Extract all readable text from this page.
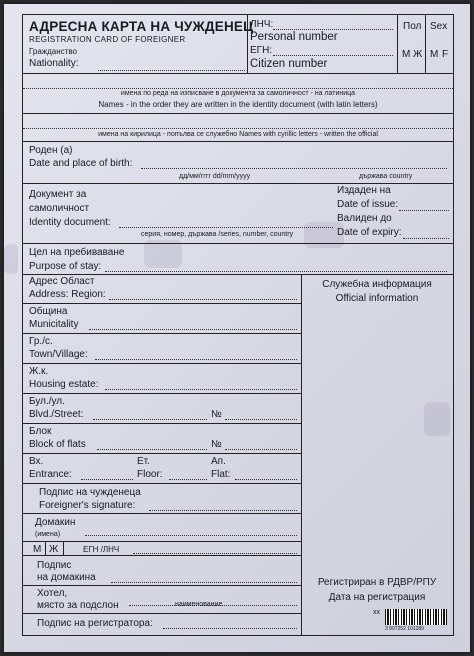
АДРЕСНА КАРТА НА ЧУЖДЕНЕЦ
REGISTRATION CARD OF FOREIGNER
Гражданство
Nationality:
ЛНЧ:
Personal number
ЕГН:
Citizen number
Пол Sex
М Ж M F
имена по реда на изписване в документа за самоличност - на латиница
Names - in the order they are written in the identity document (with latin letters)
имена на кирилица - попълва се служебно Names with cyrillic letters - written the official
Роден (а)
Date and place of birth:
дд/мм/гггг dd/mm/yyyy	държава country
Документ за
самоличност
Identity document:
серия, номер, държава /series, number, country
Издаден на
Date of issue:
Валиден до
Date of expiry:
Цел на пребиваване
Purpose of stay:
Адрес Област
Address: Region:
Община
Municitality
Гр./с.
Town/Village:
Ж.к.
Housing estate:
Бул./ул.
Blvd./Street:	№
Блок
Block of flats	№
Вх.
Entrance:
Ет.
Floor:
Ап.
Flat:
Подпис на чужденеца
Foreigner's signature:
Домакин
(имена)
М Ж	ЕГН /ЛНЧ
Подпис
на домакина
Хотел,
място за подслон	наименование
Подпис на регистратора:
Служебна информация
Official information
Регистриран в РДВР/РПУ
Дата на регистрация
xx
3 807252 101289
